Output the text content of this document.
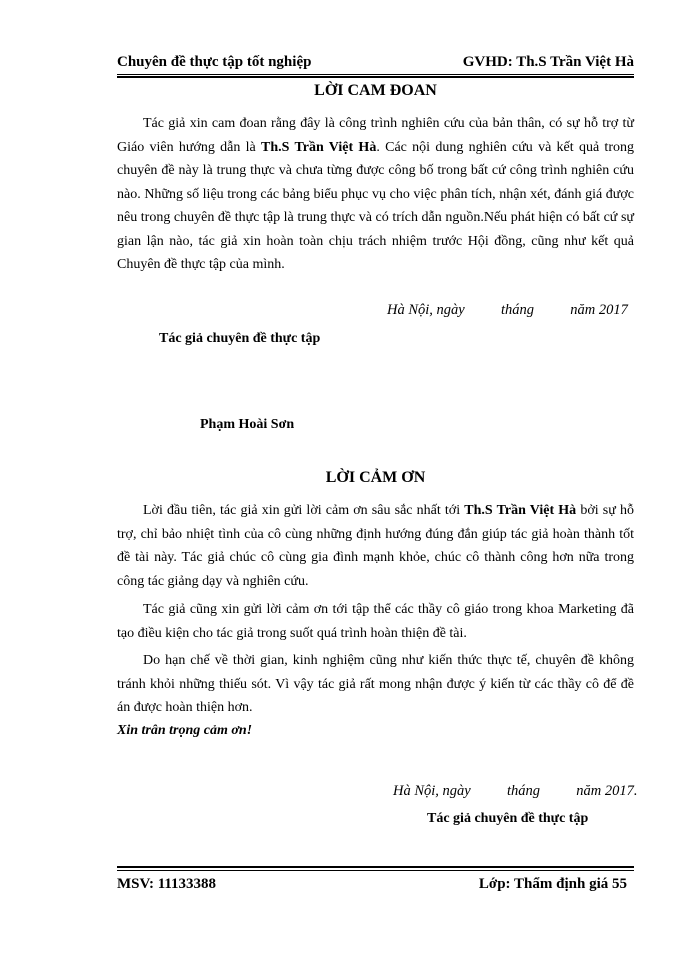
Chuyên đề thực tập tốt nghiệp	GVHD: Th.S Trần Việt Hà
LỜI CAM ĐOAN
Tác giả xin cam đoan rằng đây là công trình nghiên cứu của bản thân, có sự hỗ trợ từ Giáo viên hướng dẫn là Th.S Trần Việt Hà. Các nội dung nghiên cứu và kết quả trong chuyên đề này là trung thực và chưa từng được công bố trong bất cứ công trình nghiên cứu nào. Những số liệu trong các bảng biểu phục vụ cho việc phân tích, nhận xét, đánh giá được nêu trong chuyên đề thực tập là trung thực và có trích dẫn nguồn.Nếu phát hiện có bất cứ sự gian lận nào, tác giả xin hoàn toàn chịu trách nhiệm trước Hội đồng, cũng như kết quả Chuyên đề thực tập của mình.
Hà Nội, ngày          tháng          năm 2017
Tác giả chuyên đề thực tập
Phạm Hoài Sơn
LỜI CẢM ƠN
Lời đầu tiên, tác giả xin gửi lời cảm ơn sâu sắc nhất tới Th.S Trần Việt Hà bởi sự hỗ trợ, chỉ bảo nhiệt tình của cô cùng những định hướng đúng đắn giúp tác giả hoàn thành tốt đề tài này. Tác giả chúc cô cùng gia đình mạnh khỏe, chúc cô thành công hơn nữa trong công tác giảng dạy và nghiên cứu.
Tác giả cũng xin gửi lời cảm ơn tới tập thể các thầy cô giáo trong khoa Marketing đã tạo điều kiện cho tác giả trong suốt quá trình hoàn thiện đề tài.
Do hạn chế về thời gian, kinh nghiệm cũng như kiến thức thực tế, chuyên đề không tránh khỏi những thiếu sót. Vì vậy tác giả rất mong nhận được ý kiến từ các thầy cô để đề án được hoàn thiện hơn.
Xin trân trọng cảm ơn!
Hà Nội, ngày          tháng          năm 2017.
Tác giả chuyên đề thực tập
MSV: 11133388	Lớp: Thẩm định giá 55
